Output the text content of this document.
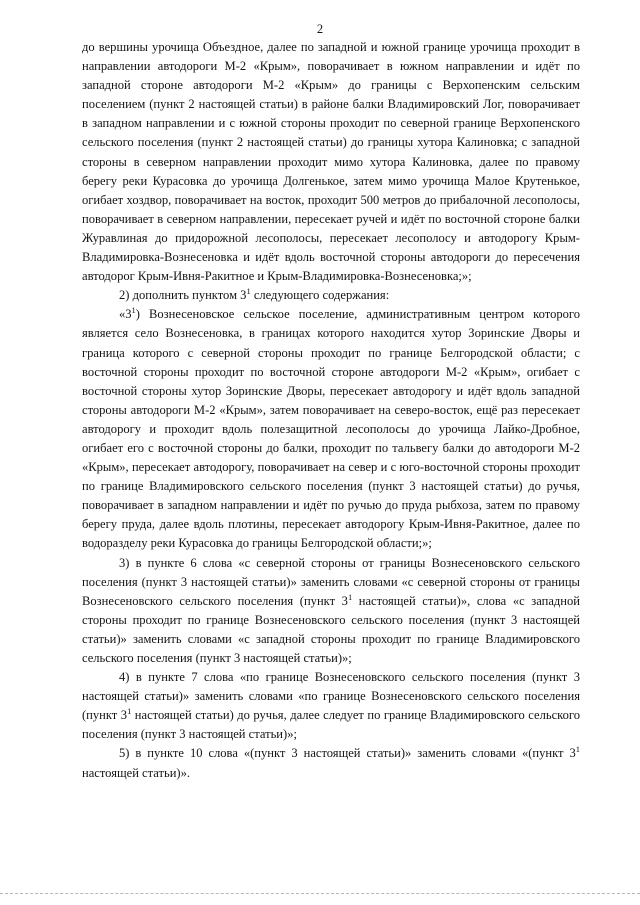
2

до вершины урочища Объездное, далее по западной и южной границе урочища проходит в направлении автодороги М-2 «Крым», поворачивает в южном направлении и идёт по западной стороне автодороги М-2 «Крым» до границы с Верхопенским сельским поселением (пункт 2 настоящей статьи) в районе балки Владимировский Лог, поворачивает в западном направлении и с южной стороны проходит по северной границе Верхопенского сельского поселения (пункт 2 настоящей статьи) до границы хутора Калиновка; с западной стороны в северном направлении проходит мимо хутора Калиновка, далее по правому берегу реки Курасовка до урочища Долгенькое, затем мимо урочища Малое Крутенькое, огибает хоздвор, поворачивает на восток, проходит 500 метров до прибалочной лесополосы, поворачивает в северном направлении, пересекает ручей и идёт по восточной стороне балки Журавлиная до придорожной лесополосы, пересекает лесополосу и автодорогу Крым-Владимировка-Вознесеновка и идёт вдоль восточной стороны автодороги до пересечения автодорог Крым-Ивня-Ракитное и Крым-Владимировка-Вознесеновка;»;

2) дополнить пунктом $3^1$ следующего содержания:

«$3^1$) Вознесеновское сельское поселение, административным центром которого является село Вознесеновка, в границах которого находится хутор Зоринские Дворы и граница которого с северной стороны проходит по границе Белгородской области; с восточной стороны проходит по восточной стороне автодороги М-2 «Крым», огибает с восточной стороны хутор Зоринские Дворы, пересекает автодорогу и идёт вдоль западной стороны автодороги М-2 «Крым», затем поворачивает на северо-восток, ещё раз пересекает автодорогу и проходит вдоль полезащитной лесополосы до урочища Лайко-Дробное, огибает его с восточной стороны до балки, проходит по тальвегу балки до автодороги М-2 «Крым», пересекает автодорогу, поворачивает на север и с юго-восточной стороны проходит по границе Владимировского сельского поселения (пункт 3 настоящей статьи) до ручья, поворачивает в западном направлении и идёт по ручью до пруда рыбхоза, затем по правому берегу пруда, далее вдоль плотины, пересекает автодорогу Крым-Ивня-Ракитное, далее по водоразделу реки Курасовка до границы Белгородской области;»;

3) в пункте 6 слова «с северной стороны от границы Вознесеновского сельского поселения (пункт 3 настоящей статьи)» заменить словами «с северной стороны от границы Вознесеновского сельского поселения (пункт $3^1$ настоящей статьи)», слова «с западной стороны проходит по границе Вознесеновского сельского поселения (пункт 3 настоящей статьи)» заменить словами «с западной стороны проходит по границе Владимировского сельского поселения (пункт 3 настоящей статьи)»;

4) в пункте 7 слова «по границе Вознесеновского сельского поселения (пункт 3 настоящей статьи)» заменить словами «по границе Вознесеновского сельского поселения (пункт $3^1$ настоящей статьи) до ручья, далее следует по границе Владимировского сельского поселения (пункт 3 настоящей статьи)»;

5) в пункте 10 слова «(пункт 3 настоящей статьи)» заменить словами «(пункт $3^1$ настоящей статьи)».
